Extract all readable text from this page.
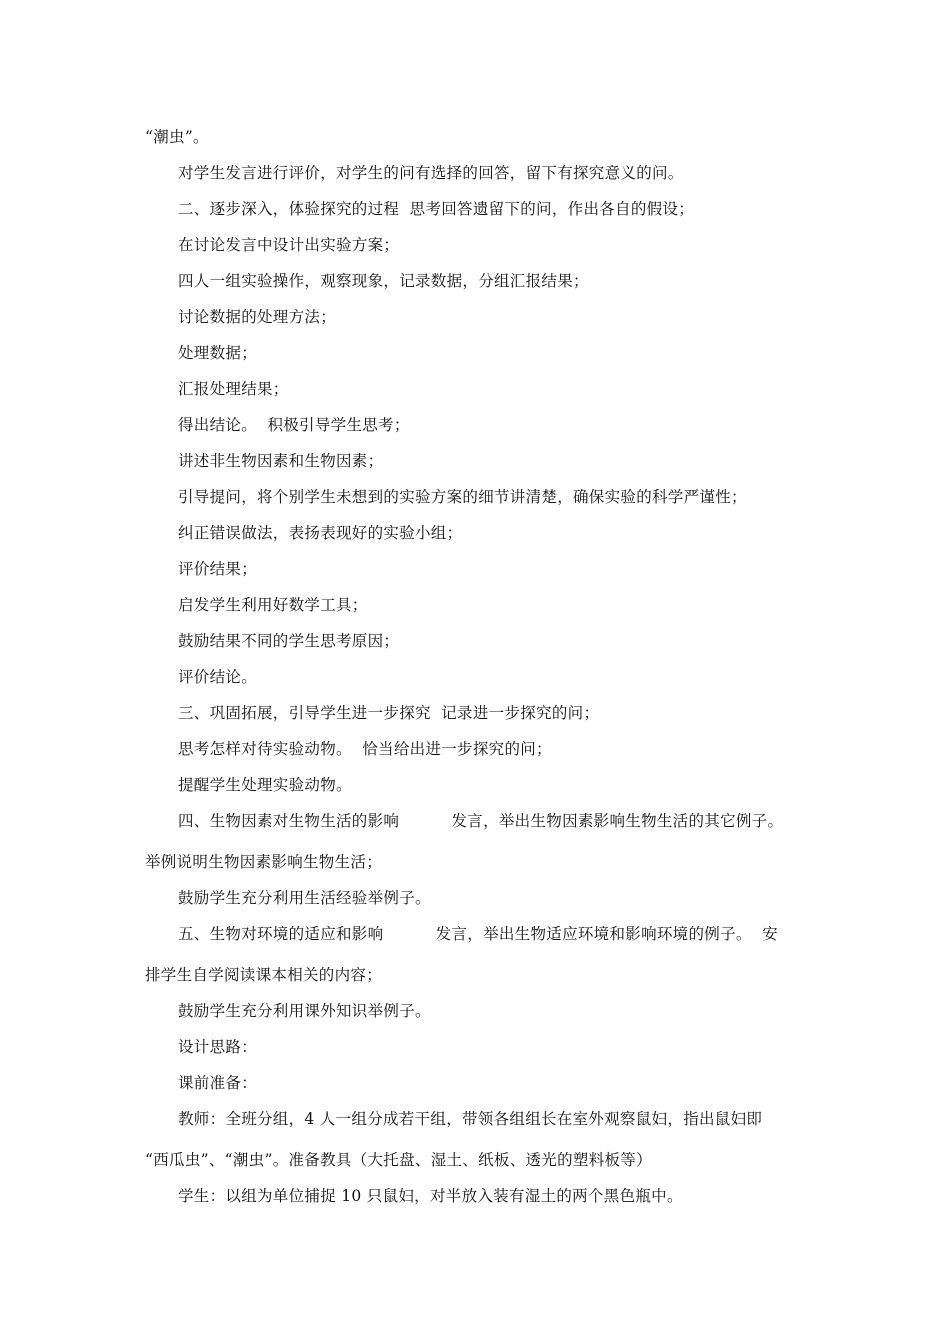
“潮虫”。
对学生发言进行评价，对学生的问有选择的回答，留下有探究意义的问。
二、逐步深入，体验探究的过程  思考回答遗留下的问，作出各自的假设；
在讨论发言中设计出实验方案；
四人一组实验操作，观察现象，记录数据，分组汇报结果；
讨论数据的处理方法；
处理数据；
汇报处理结果；
得出结论。  积极引导学生思考；
讲述非生物因素和生物因素；
引导提问，将个别学生未想到的实验方案的细节讲清楚，确保实验的科学严谨性；
纠正错误做法，表扬表现好的实验小组；
评价结果；
启发学生利用好数学工具；
鼓励结果不同的学生思考原因；
评价结论。
三、巩固拓展，引导学生进一步探究  记录进一步探究的问；
思考怎样对待实验动物。  恰当给出进一步探究的问；
提醒学生处理实验动物。
四、生物因素对生物生活的影响          发言，举出生物因素影响生物生活的其它例子。
举例说明生物因素影响生物生活；
鼓励学生充分利用生活经验举例子。
五、生物对环境的适应和影响          发言，举出生物适应环境和影响环境的例子。  安
排学生自学阅读课本相关的内容；
鼓励学生充分利用课外知识举例子。
设计思路：
课前准备：
教师：全班分组，4 人一组分成若干组，带领各组组长在室外观察鼠妇，指出鼠妇即
“西瓜虫”、“潮虫”。准备教具（大托盘、湿土、纸板、透光的塑料板等）
学生：以组为单位捕捉 10 只鼠妇，对半放入装有湿土的两个黑色瓶中。
